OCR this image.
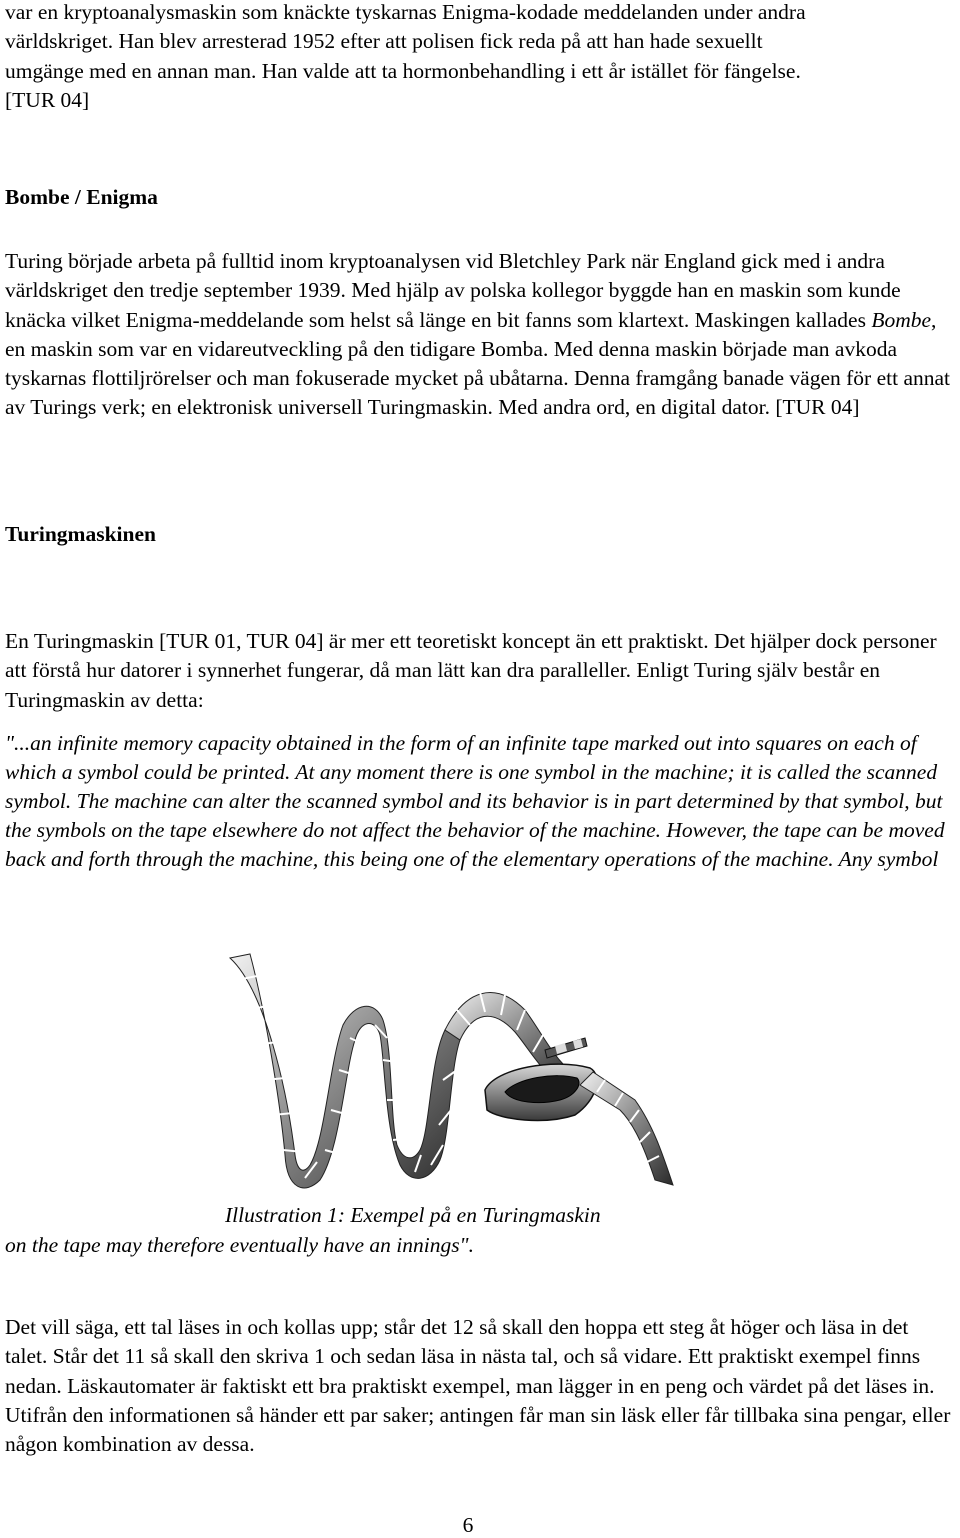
var en kryptoanalysmaskin som knäckte tyskarnas Enigma-kodade meddelanden under andra

världskriget. Han blev arresterad 1952 efter att polisen fick reda på att han hade sexuellt

umgänge med en annan man. Han valde att ta hormonbehandling i ett år istället för fängelse.

[TUR 04]

Bombe / Enigma

Turing började arbeta på fulltid inom kryptoanalysen vid Bletchley Park när England gick med i andra världskriget den tredje september 1939. Med hjälp av polska kollegor byggde han en maskin som kunde knäcka vilket Enigma-meddelande som helst så länge en bit fanns som klartext. Maskingen kallades Bombe, en maskin som var en vidareutveckling på den tidigare Bomba. Med denna maskin började man avkoda tyskarnas flottiljrörelser och man fokuserade mycket på ubåtarna. Denna framgång banade vägen för ett annat av Turings verk; en elektronisk universell Turingmaskin. Med andra ord, en digital dator. [TUR 04]

Turingmaskinen

En Turingmaskin [TUR 01, TUR 04] är mer ett teoretiskt koncept än ett praktiskt. Det hjälper dock personer att förstå hur datorer i synnerhet fungerar, då man lätt kan dra paralleller. Enligt Turing själv består en Turingmaskin av detta:

"...an infinite memory capacity obtained in the form of an infinite tape marked out into squares on each of which a symbol could be printed. At any moment there is one symbol in the machine; it is called the scanned symbol. The machine can alter the scanned symbol and its behavior is in part determined by that symbol, but the symbols on the tape elsewhere do not affect the behavior of the machine. However, the tape can be moved back and forth through the machine, this being one of the elementary operations of the machine. Any symbol

Illustration 1: Exempel på en Turingmaskin

on the tape may therefore eventually have an innings".

Det vill säga, ett tal läses in och kollas upp; står det 12 så skall den hoppa ett steg åt höger och läsa in det talet. Står det 11 så skall den skriva 1 och sedan läsa in nästa tal, och så vidare. Ett praktiskt exempel finns nedan. Läskautomater är faktiskt ett bra praktiskt exempel, man lägger in en peng och värdet på det läses in. Utifrån den informationen så händer ett par saker; antingen får man sin läsk eller får tillbaka sina pengar, eller någon kombination av dessa.

6
